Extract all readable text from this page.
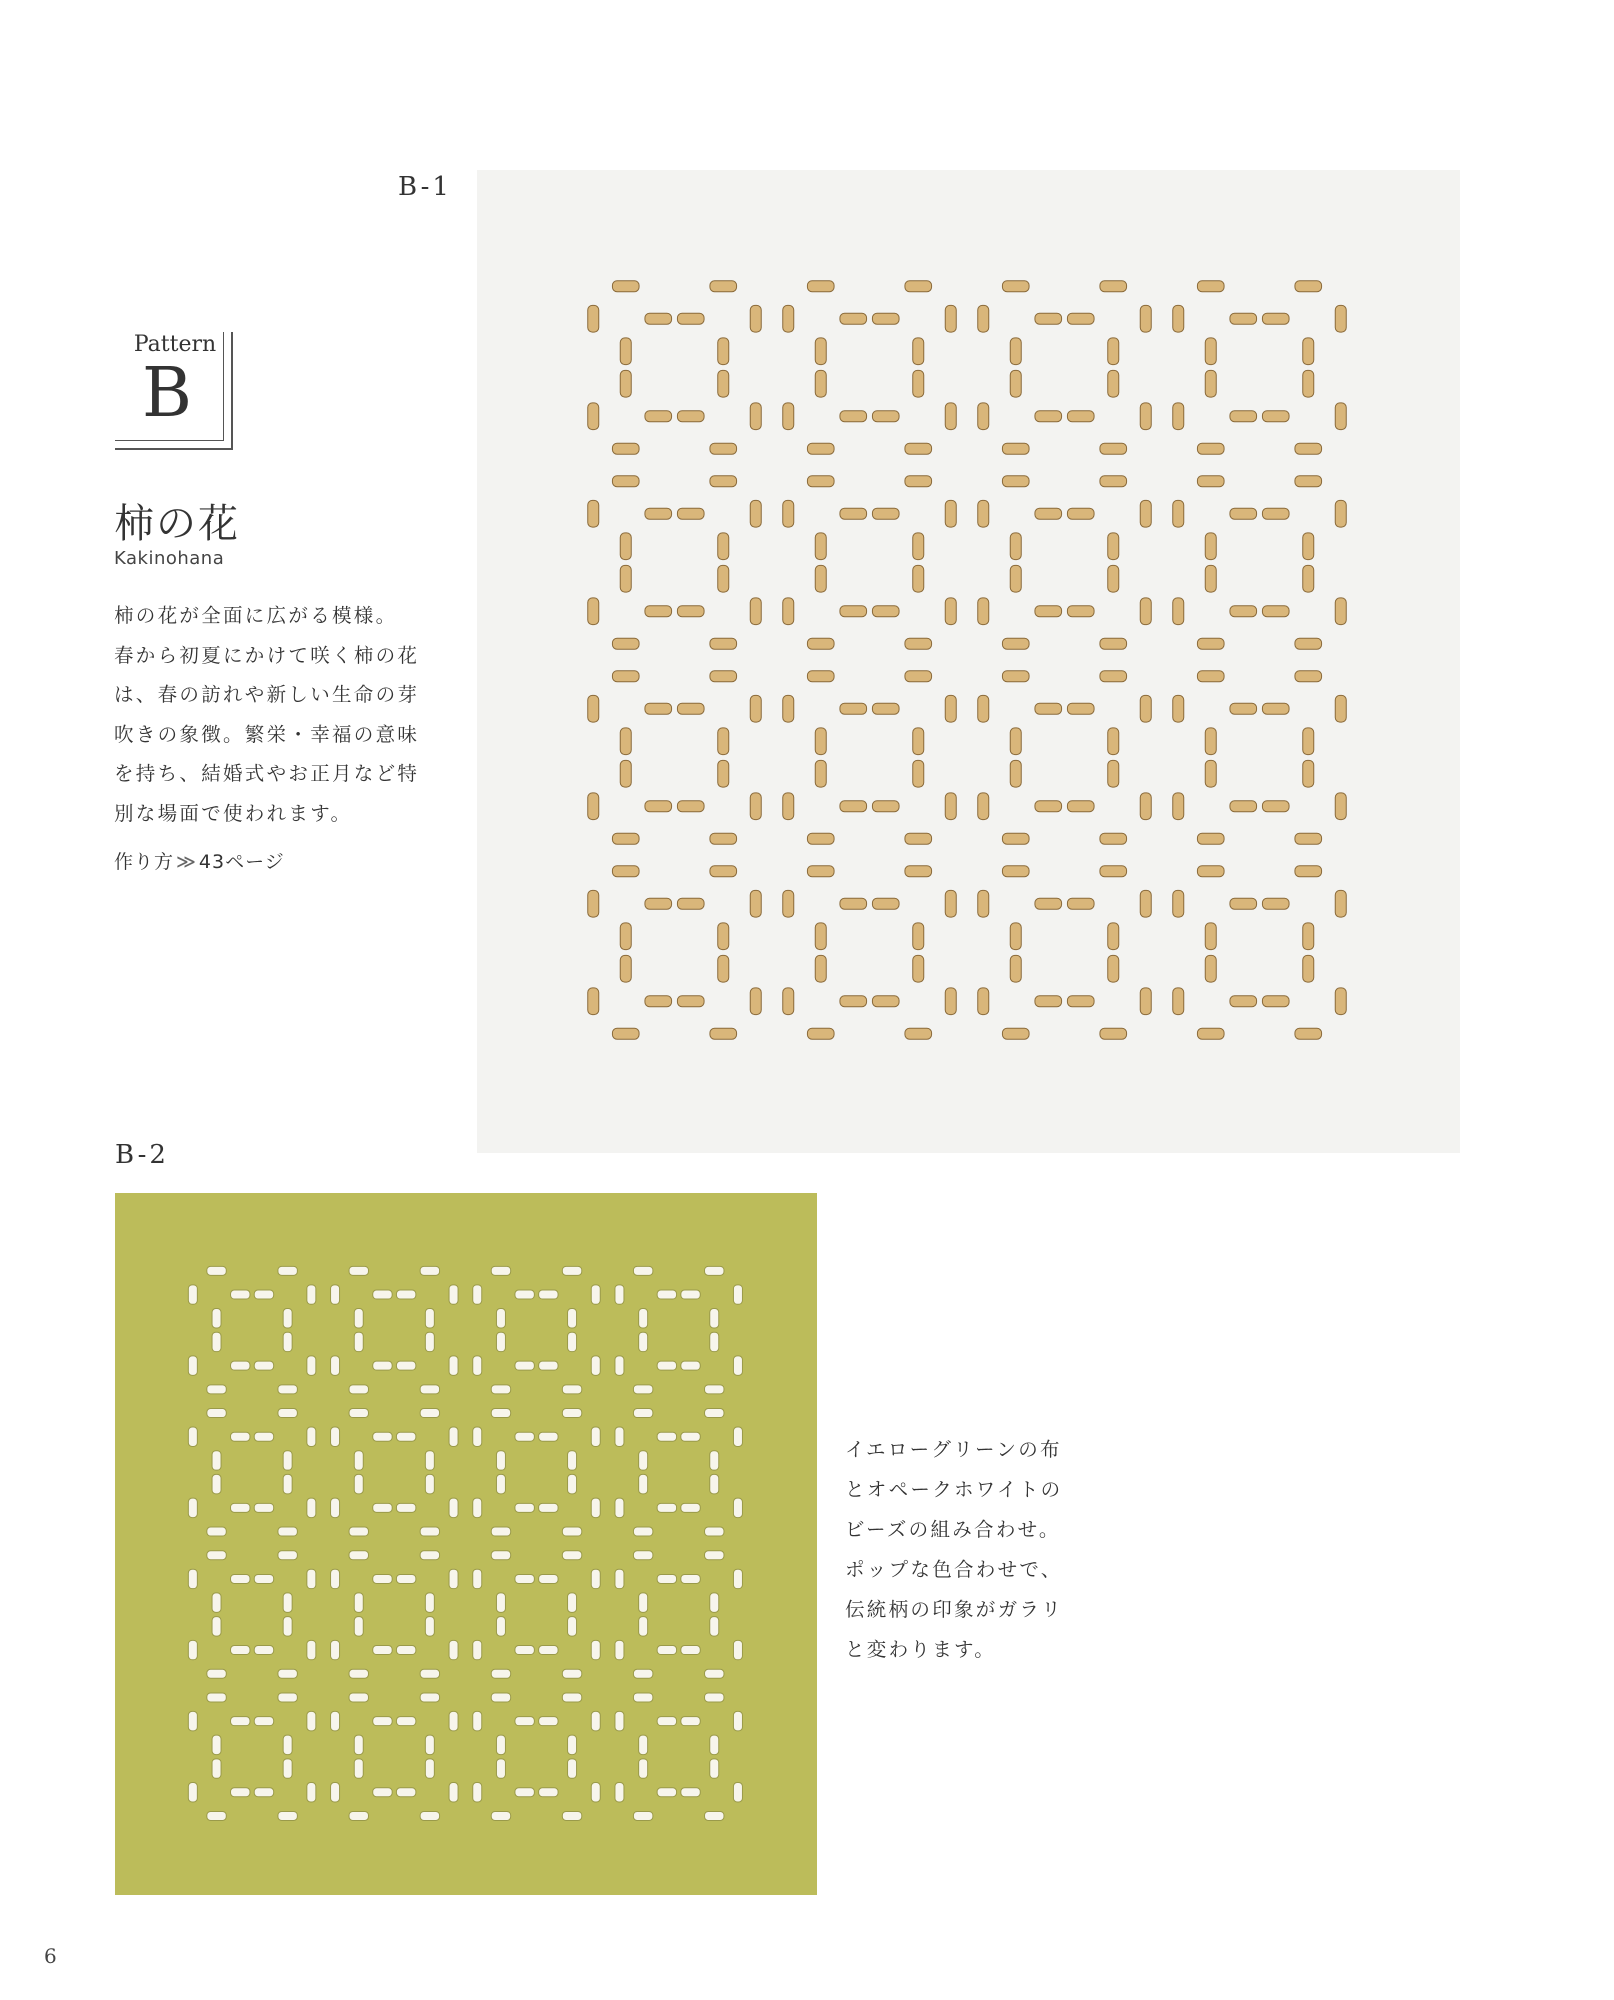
B-1
Pattern
B
柿の花
Kakinohana
柿の花が全面に広がる模様。
春から初夏にかけて咲く柿の花
は、春の訪れや新しい生命の芽
吹きの象徴。繁栄・幸福の意味
を持ち、結婚式やお正月など特
別な場面で使われます。
作り方 ≫ 43ページ
B-2
イエローグリーンの布
とオペークホワイトの
ビーズの組み合わせ。
ポップな色合わせで、
伝統柄の印象がガラリ
と変わります。
6
